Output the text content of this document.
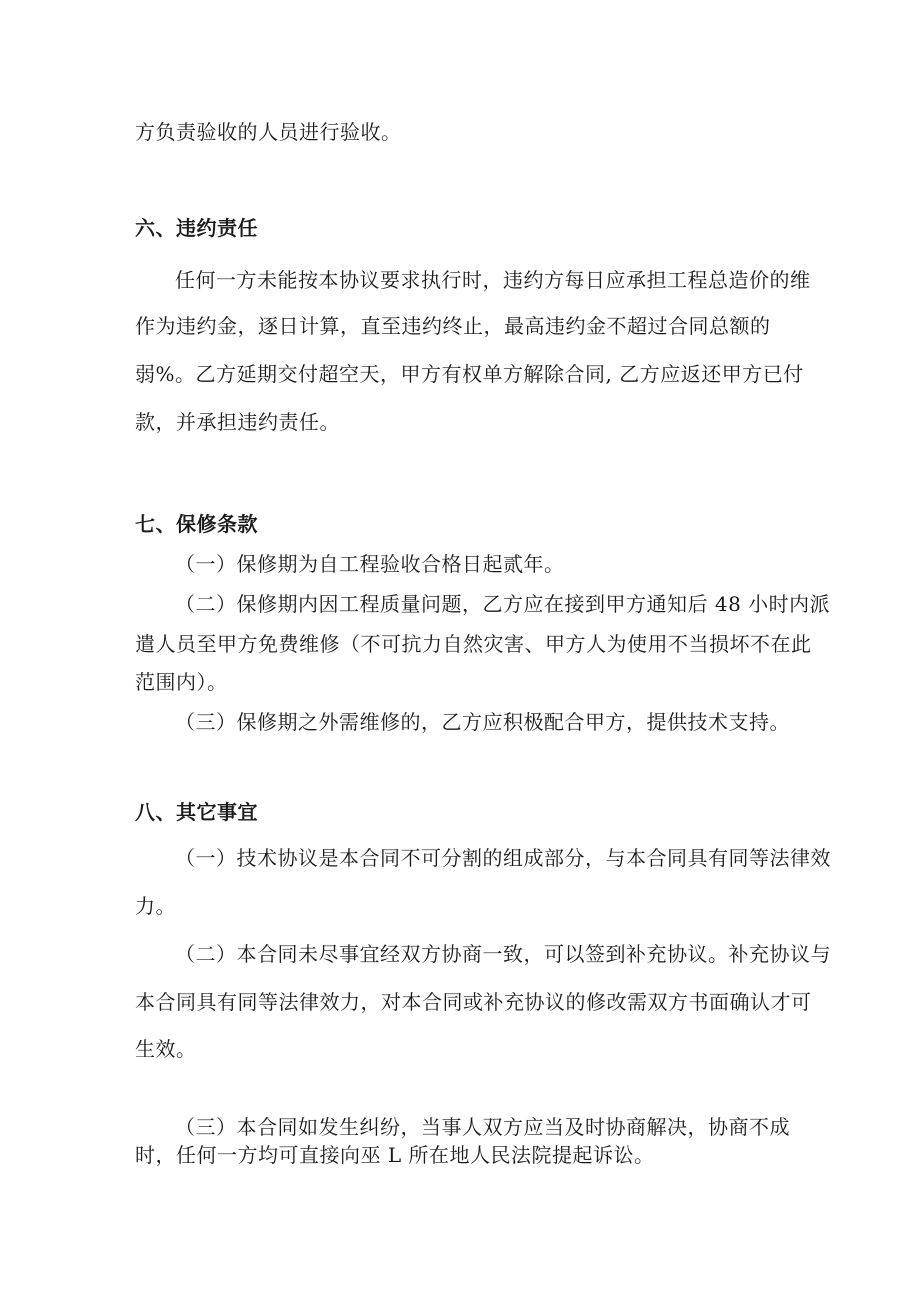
方负责验收的人员进行验收。
六、违约责任
任何一方未能按本协议要求执行时，违约方每日应承担工程总造价的维
作为违约金，逐日计算，直至违约终止，最高违约金不超过合同总额的
弱%。乙方延期交付超空天，甲方有权单方解除合同, 乙方应返还甲方已付
款，并承担违约责任。
七、保修条款
（一）保修期为自工程验收合格日起贰年。
（二）保修期内因工程质量问题，乙方应在接到甲方通知后 48 小时内派
遣人员至甲方免费维修（不可抗力自然灾害、甲方人为使用不当损坏不在此
范围内）。
（三）保修期之外需维修的，乙方应积极配合甲方，提供技术支持。
八、其它事宜
（一）技术协议是本合同不可分割的组成部分，与本合同具有同等法律效
力。
（二）本合同未尽事宜经双方协商一致，可以签到补充协议。补充协议与
本合同具有同等法律效力，对本合同或补充协议的修改需双方书面确认才可
生效。
（三）本合同如发生纠纷，当事人双方应当及时协商解决，协商不成
时，任何一方均可直接向巫 L 所在地人民法院提起诉讼。
